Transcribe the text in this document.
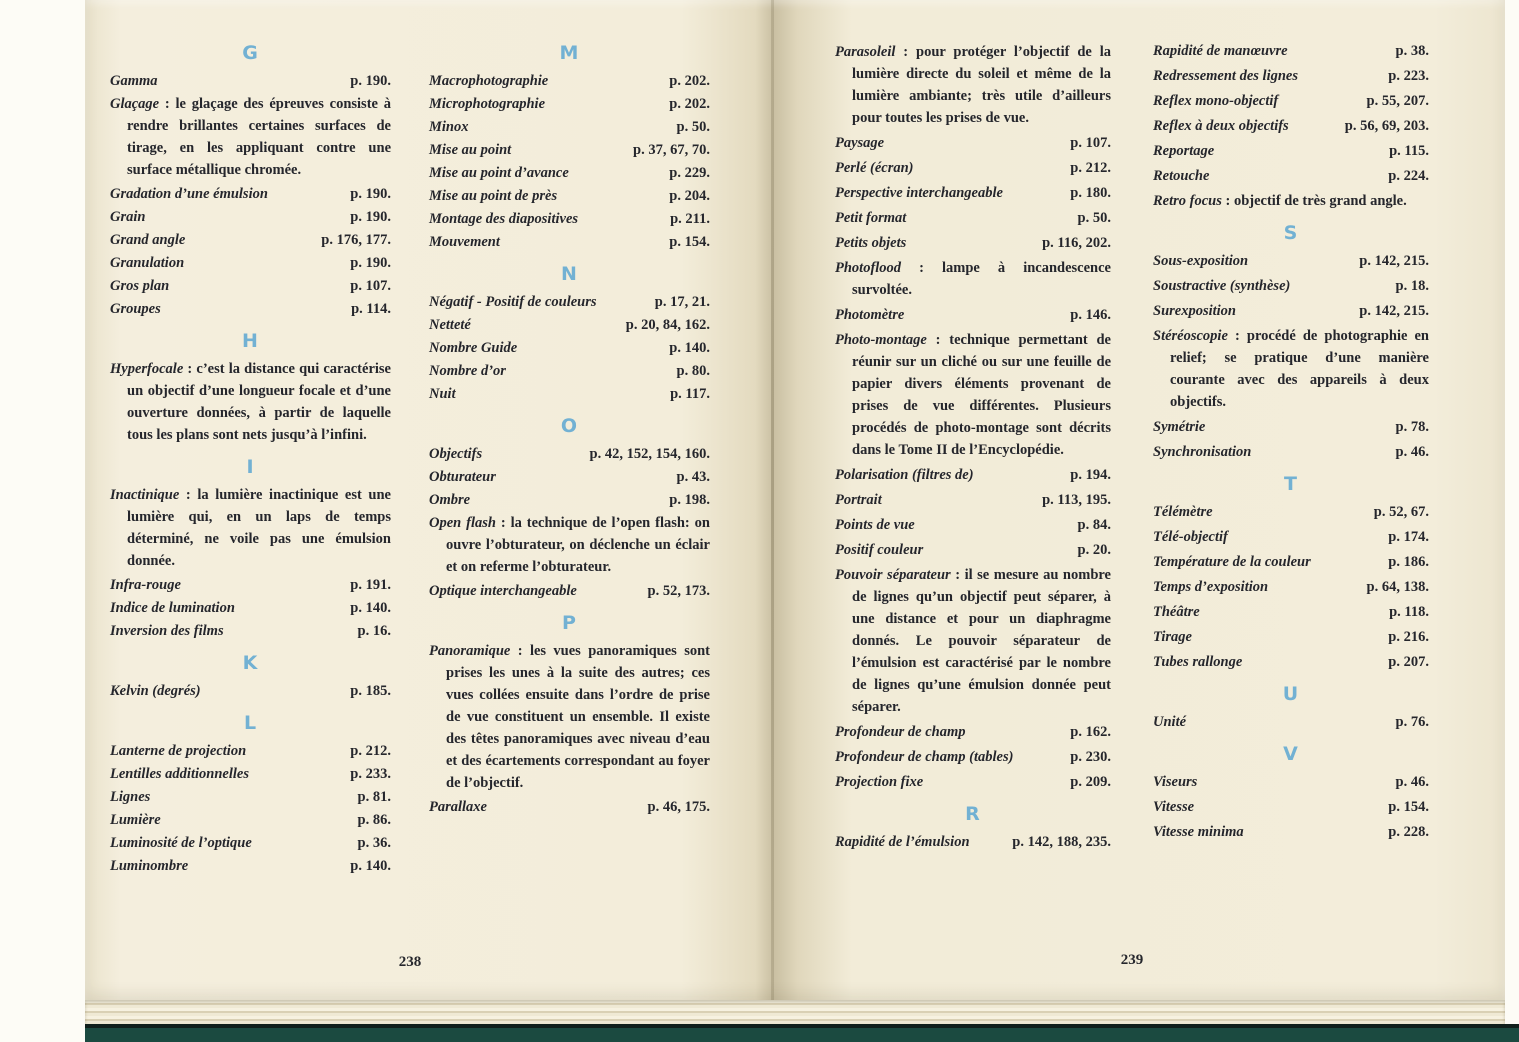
G
Gamma	p. 190.
Glaçage : le glaçage des épreuves consiste à rendre brillantes certaines surfaces de tirage, en les appliquant contre une surface métallique chromée.
Gradation d’une émulsion	p. 190.
Grain	p. 190.
Grand angle	p. 176, 177.
Granulation	p. 190.
Gros plan	p. 107.
Groupes	p. 114.
H
Hyperfocale : c’est la distance qui caractérise un objectif d’une longueur focale et d’une ouverture données, à partir de laquelle tous les plans sont nets jusqu’à l’infini.
I
Inactinique : la lumière inactinique est une lumière qui, en un laps de temps déterminé, ne voile pas une émulsion donnée.
Infra-rouge	p. 191.
Indice de lumination	p. 140.
Inversion des films	p. 16.
K
Kelvin (degrés)	p. 185.
L
Lanterne de projection	p. 212.
Lentilles additionnelles	p. 233.
Lignes	p. 81.
Lumière	p. 86.
Luminosité de l’optique	p. 36.
Luminombre	p. 140.
M
Macrophotographie	p. 202.
Microphotographie	p. 202.
Minox	p. 50.
Mise au point	p. 37, 67, 70.
Mise au point d’avance	p. 229.
Mise au point de près	p. 204.
Montage des diapositives	p. 211.
Mouvement	p. 154.
N
Négatif - Positif de couleurs	p. 17, 21.
Netteté	p. 20, 84, 162.
Nombre Guide	p. 140.
Nombre d’or	p. 80.
Nuit	p. 117.
O
Objectifs	p. 42, 152, 154, 160.
Obturateur	p. 43.
Ombre	p. 198.
Open flash : la technique de l’open flash: on ouvre l’obturateur, on déclenche un éclair et on referme l’obturateur.
Optique interchangeable	p. 52, 173.
P
Panoramique : les vues panoramiques sont prises les unes à la suite des autres; ces vues collées ensuite dans l’ordre de prise de vue constituent un ensemble. Il existe des têtes panoramiques avec niveau d’eau et des écartements correspondant au foyer de l’objectif.
Parallaxe	p. 46, 175.
238
Parasoleil : pour protéger l’objectif de la lumière directe du soleil et même de la lumière ambiante; très utile d’ailleurs pour toutes les prises de vue.
Paysage	p. 107.
Perlé (écran)	p. 212.
Perspective interchangeable	p. 180.
Petit format	p. 50.
Petits objets	p. 116, 202.
Photoflood : lampe à incandescence survoltée.
Photomètre	p. 146.
Photo-montage : technique permettant de réunir sur un cliché ou sur une feuille de papier divers éléments provenant de prises de vue différentes. Plusieurs procédés de photo-montage sont décrits dans le Tome II de l’Encyclopédie.
Polarisation (filtres de)	p. 194.
Portrait	p. 113, 195.
Points de vue	p. 84.
Positif couleur	p. 20.
Pouvoir séparateur : il se mesure au nombre de lignes qu’un objectif peut séparer, à une distance et pour un diaphragme donnés. Le pouvoir séparateur de l’émulsion est caractérisé par le nombre de lignes qu’une émulsion donnée peut séparer.
Profondeur de champ	p. 162.
Profondeur de champ (tables)	p. 230.
Projection fixe	p. 209.
R
Rapidité de l’émulsion	p. 142, 188, 235.
Rapidité de manœuvre	p. 38.
Redressement des lignes	p. 223.
Reflex mono-objectif	p. 55, 207.
Reflex à deux objectifs	p. 56, 69, 203.
Reportage	p. 115.
Retouche	p. 224.
Retro focus : objectif de très grand angle.
S
Sous-exposition	p. 142, 215.
Soustractive (synthèse)	p. 18.
Surexposition	p. 142, 215.
Stéréoscopie : procédé de photographie en relief; se pratique d’une manière courante avec des appareils à deux objectifs.
Symétrie	p. 78.
Synchronisation	p. 46.
T
Télémètre	p. 52, 67.
Télé-objectif	p. 174.
Température de la couleur	p. 186.
Temps d’exposition	p. 64, 138.
Théâtre	p. 118.
Tirage	p. 216.
Tubes rallonge	p. 207.
U
Unité	p. 76.
V
Viseurs	p. 46.
Vitesse	p. 154.
Vitesse minima	p. 228.
239
